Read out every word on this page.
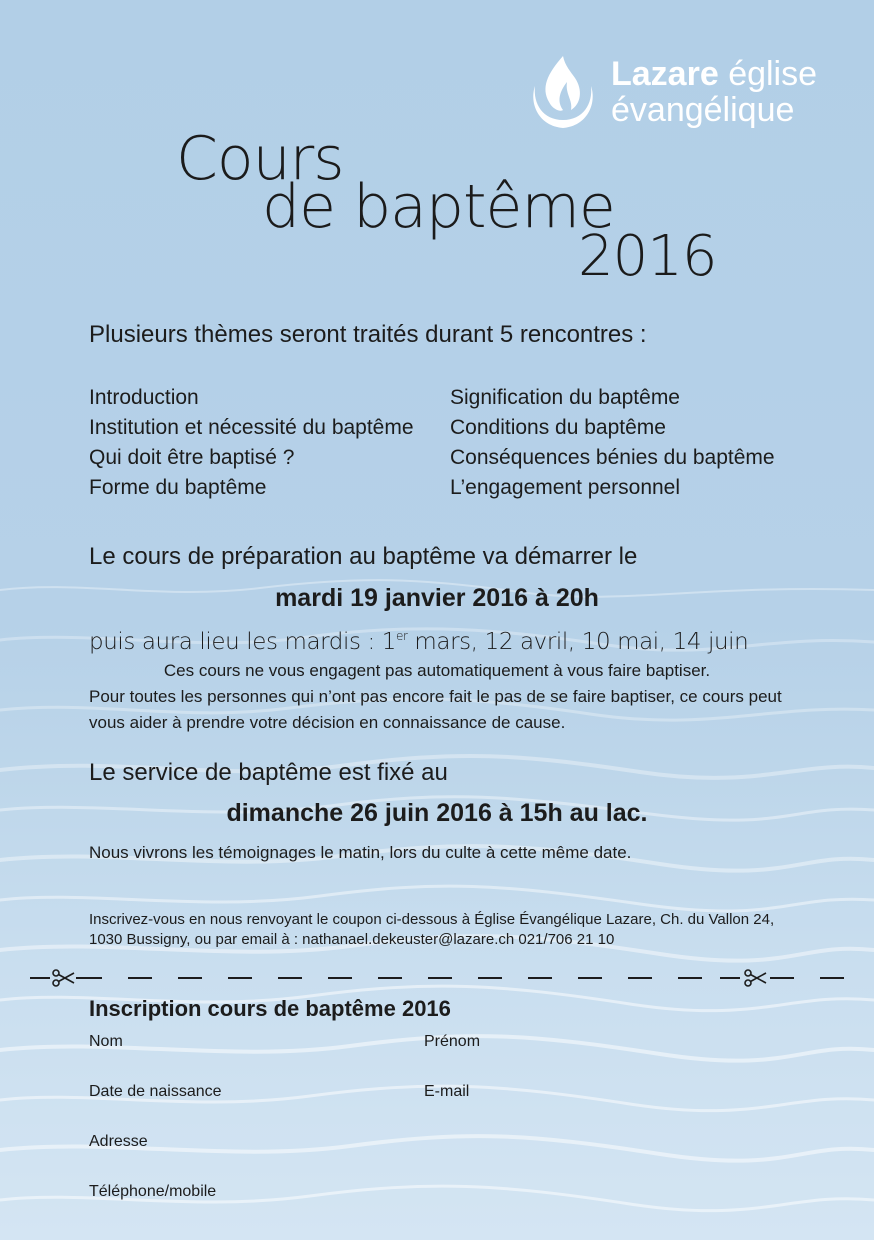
Lazare église
évangélique
Cours
de baptême
2016
Plusieurs thèmes seront traités durant 5 rencontres :
Introduction
Institution et nécessité du baptême
Qui doit être baptisé ?
Forme du baptême
Signification du baptême
Conditions du baptême
Conséquences bénies du baptême
L’engagement personnel
Le cours de préparation au baptême va démarrer le
mardi 19 janvier 2016 à 20h
puis aura lieu les mardis : 1er mars, 12 avril, 10 mai, 14 juin
Ces cours ne vous engagent pas automatiquement à vous faire baptiser.
Pour toutes les personnes qui n’ont pas encore fait le pas de se faire baptiser, ce cours peut vous aider à prendre votre décision en connaissance de cause.
Le service de baptême est fixé au
dimanche 26 juin 2016 à 15h au lac.
Nous vivrons les témoignages le matin, lors du culte à cette même date.
Inscrivez-vous en nous renvoyant le coupon ci-dessous à Église Évangélique Lazare, Ch. du Vallon 24, 1030 Bussigny, ou par email à : nathanael.dekeuster@lazare.ch 021/706 21 10
Inscription cours de baptême 2016
Nom	Prénom
Date de naissance	E-mail
Adresse
Téléphone/mobile
